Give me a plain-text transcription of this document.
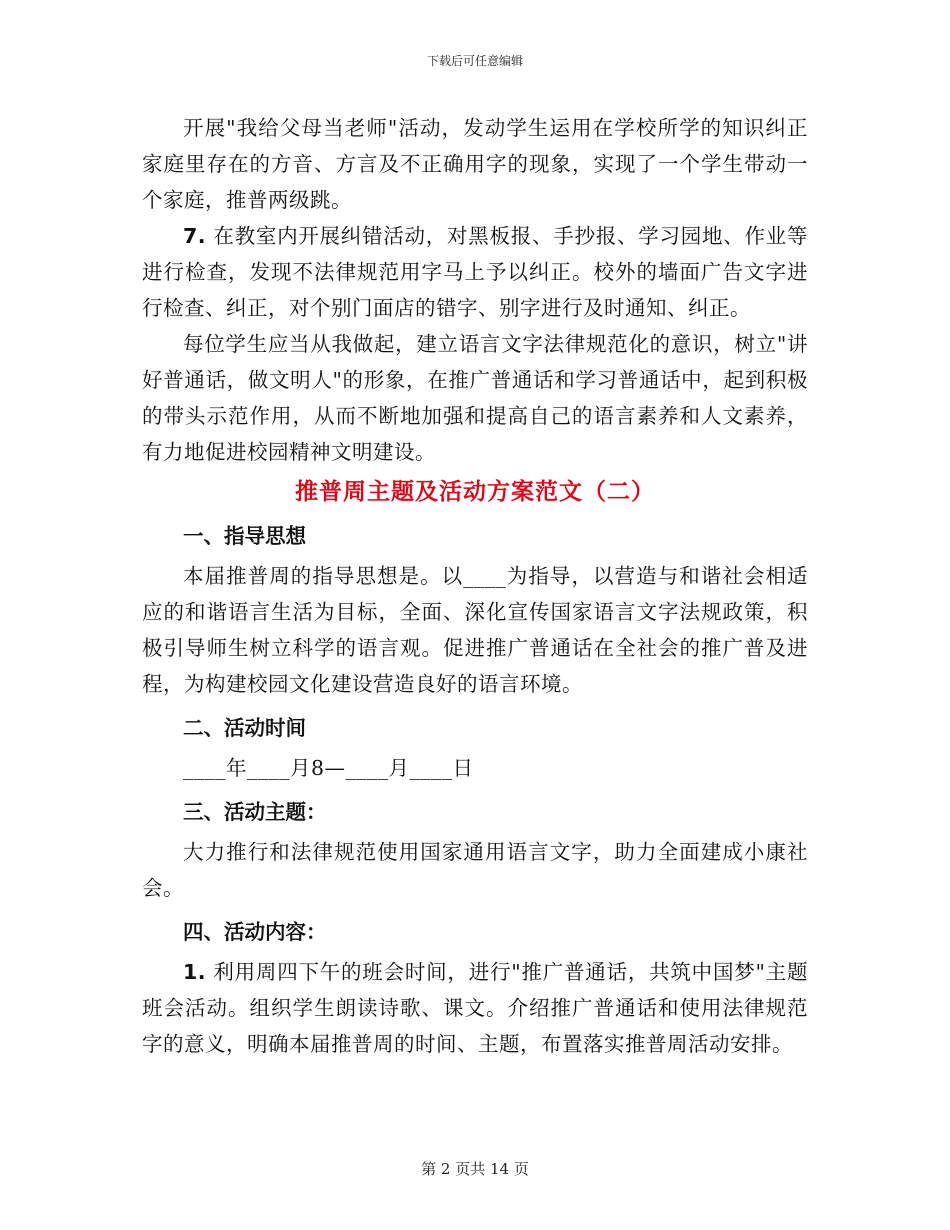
下载后可任意编辑

开展"我给父母当老师"活动，发动学生运用在学校所学的知识纠正家庭里存在的方音、方言及不正确用字的现象，实现了一个学生带动一个家庭，推普两级跳。

7. 在教室内开展纠错活动，对黑板报、手抄报、学习园地、作业等进行检查，发现不法律规范用字马上予以纠正。校外的墙面广告文字进行检查、纠正，对个别门面店的错字、别字进行及时通知、纠正。

每位学生应当从我做起，建立语言文字法律规范化的意识，树立"讲好普通话，做文明人"的形象，在推广普通话和学习普通话中，起到积极的带头示范作用，从而不断地加强和提高自己的语言素养和人文素养，有力地促进校园精神文明建设。

推普周主题及活动方案范文（二）
一、指导思想

本届推普周的指导思想是。以____为指导，以营造与和谐社会相适应的和谐语言生活为目标，全面、深化宣传国家语言文字法规政策，积极引导师生树立科学的语言观。促进推广普通话在全社会的推广普及进程，为构建校园文化建设营造良好的语言环境。

二、活动时间

____年____月8—____月____日

三、活动主题：

大力推行和法律规范使用国家通用语言文字，助力全面建成小康社会。

四、活动内容：

1. 利用周四下午的班会时间，进行"推广普通话，共筑中国梦"主题班会活动。组织学生朗读诗歌、课文。介绍推广普通话和使用法律规范字的意义，明确本届推普周的时间、主题，布置落实推普周活动安排。

第 2 页共 14 页
